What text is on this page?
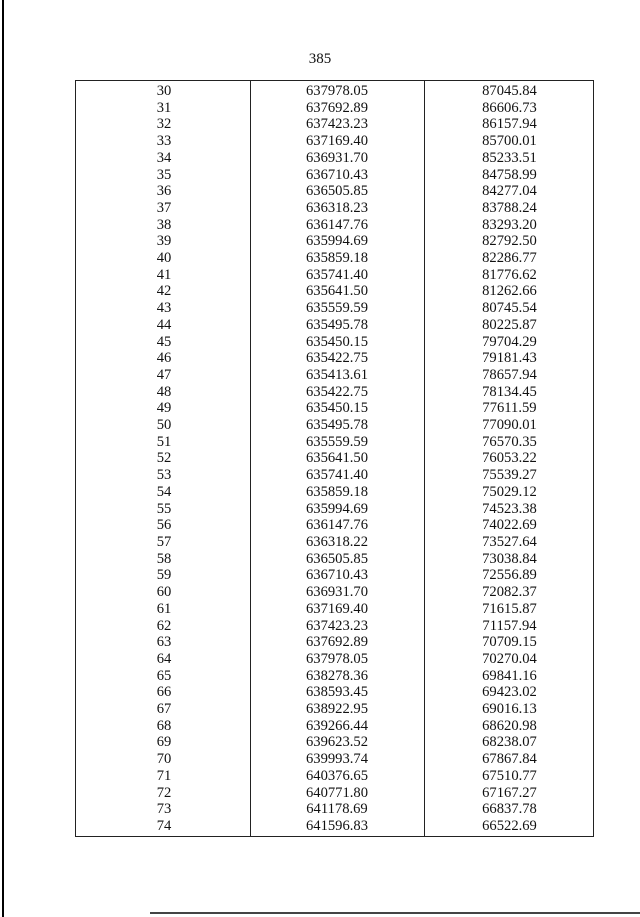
385
30	637978.05	87045.84
31	637692.89	86606.73
32	637423.23	86157.94
33	637169.40	85700.01
34	636931.70	85233.51
35	636710.43	84758.99
36	636505.85	84277.04
37	636318.23	83788.24
38	636147.76	83293.20
39	635994.69	82792.50
40	635859.18	82286.77
41	635741.40	81776.62
42	635641.50	81262.66
43	635559.59	80745.54
44	635495.78	80225.87
45	635450.15	79704.29
46	635422.75	79181.43
47	635413.61	78657.94
48	635422.75	78134.45
49	635450.15	77611.59
50	635495.78	77090.01
51	635559.59	76570.35
52	635641.50	76053.22
53	635741.40	75539.27
54	635859.18	75029.12
55	635994.69	74523.38
56	636147.76	74022.69
57	636318.22	73527.64
58	636505.85	73038.84
59	636710.43	72556.89
60	636931.70	72082.37
61	637169.40	71615.87
62	637423.23	71157.94
63	637692.89	70709.15
64	637978.05	70270.04
65	638278.36	69841.16
66	638593.45	69423.02
67	638922.95	69016.13
68	639266.44	68620.98
69	639623.52	68238.07
70	639993.74	67867.84
71	640376.65	67510.77
72	640771.80	67167.27
73	641178.69	66837.78
74	641596.83	66522.69
